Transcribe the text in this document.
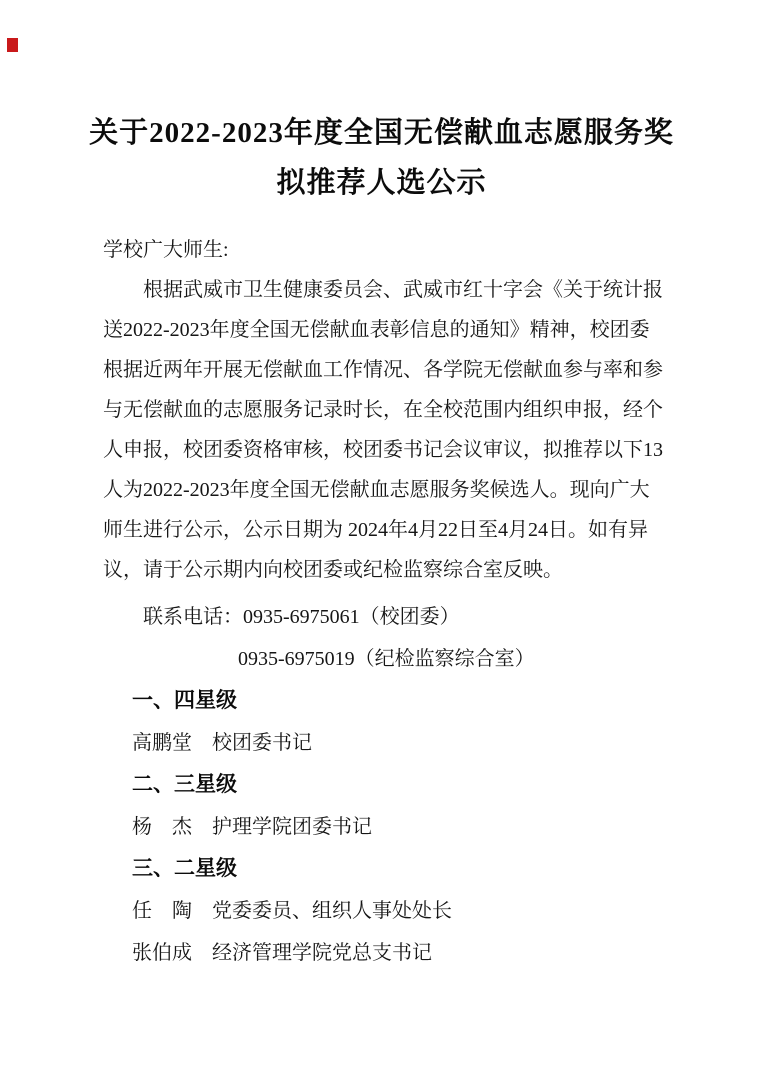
关于2022-2023年度全国无偿献血志愿服务奖
拟推荐人选公示
学校广大师生:
根据武威市卫生健康委员会、武威市红十字会《关于统计报
送2022-2023年度全国无偿献血表彰信息的通知》精神，校团委
根据近两年开展无偿献血工作情况、各学院无偿献血参与率和参
与无偿献血的志愿服务记录时长，在全校范围内组织申报，经个
人申报，校团委资格审核，校团委书记会议审议，拟推荐以下13
人为2022-2023年度全国无偿献血志愿服务奖候选人。现向广大
师生进行公示，公示日期为 2024年4月22日至4月24日。如有异
议，请于公示期内向校团委或纪检监察综合室反映。
联系电话：0935-6975061（校团委）
0935-6975019（纪检监察综合室）
一、四星级
高鹏堂　校团委书记
二、三星级
杨　杰　护理学院团委书记
三、二星级
任　陶　党委委员、组织人事处处长
张伯成　经济管理学院党总支书记
